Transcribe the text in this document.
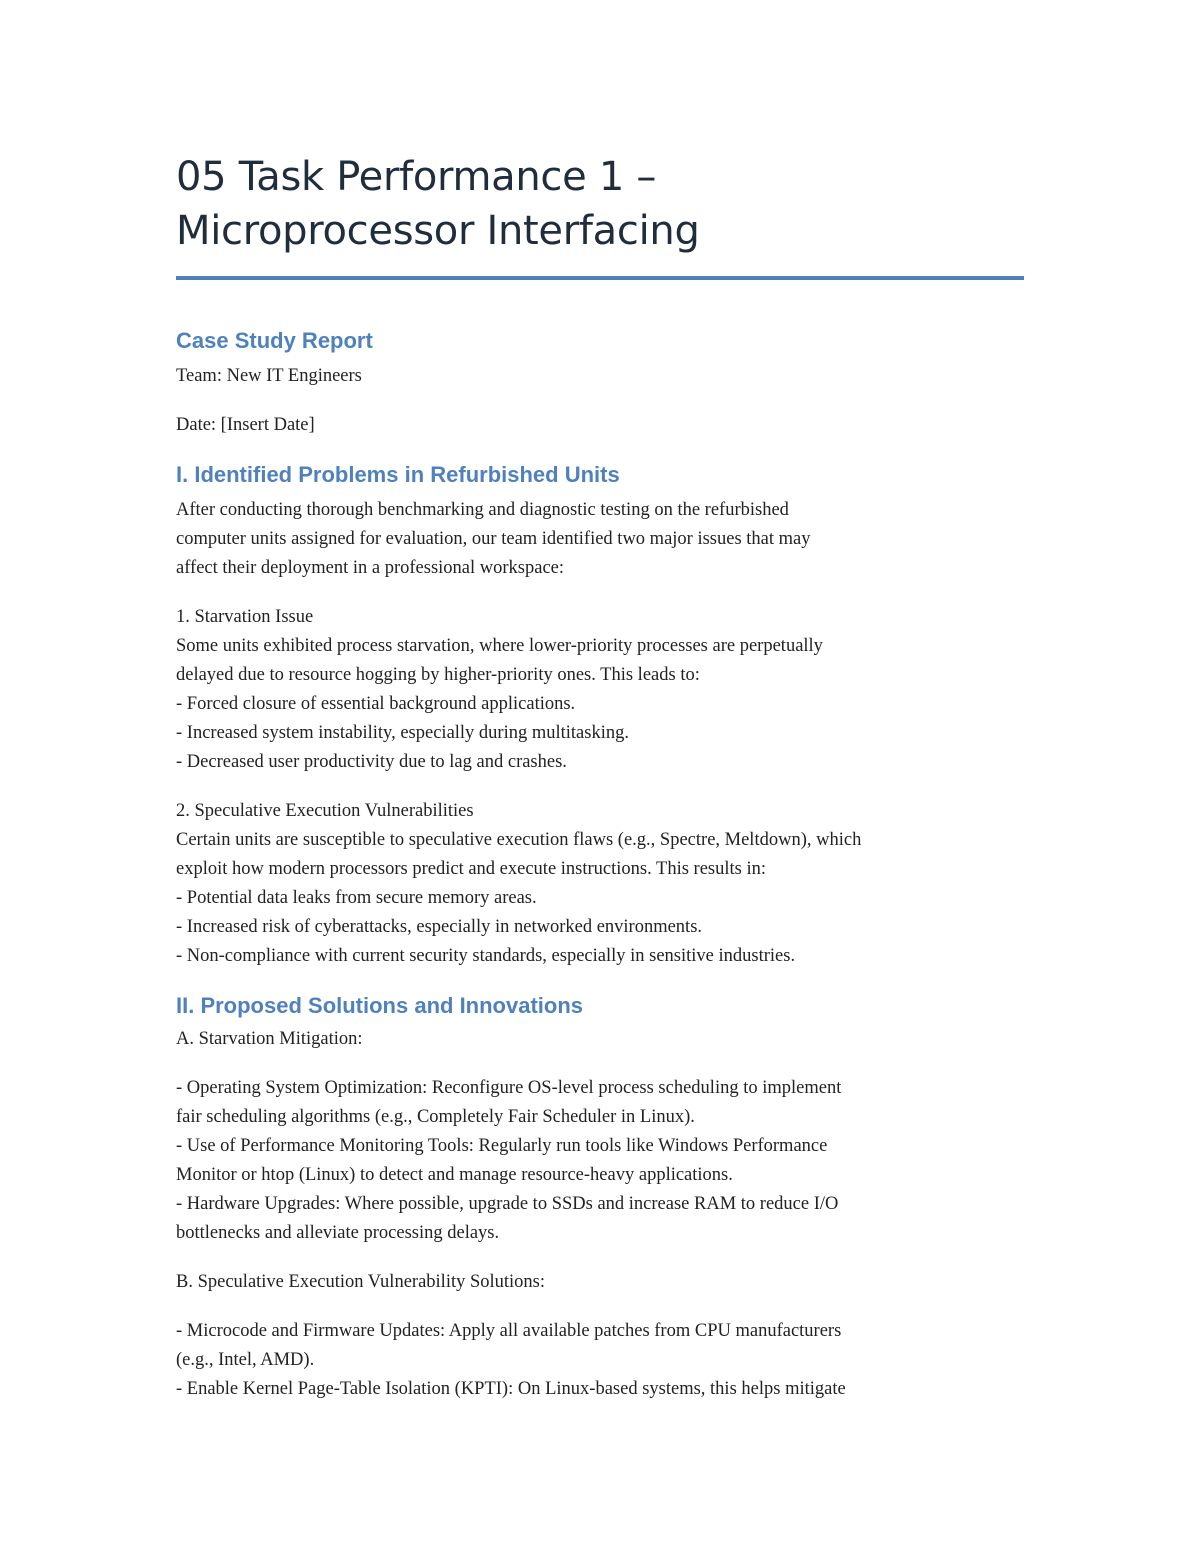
05 Task Performance 1 –
Microprocessor Interfacing
Case Study Report

Team: New IT Engineers

Date: [Insert Date]

I. Identified Problems in Refurbished Units

After conducting thorough benchmarking and diagnostic testing on the refurbished

computer units assigned for evaluation, our team identified two major issues that may

affect their deployment in a professional workspace:

1. Starvation Issue

Some units exhibited process starvation, where lower-priority processes are perpetually

delayed due to resource hogging by higher-priority ones. This leads to:

- Forced closure of essential background applications.

- Increased system instability, especially during multitasking.

- Decreased user productivity due to lag and crashes.

2. Speculative Execution Vulnerabilities

Certain units are susceptible to speculative execution flaws (e.g., Spectre, Meltdown), which

exploit how modern processors predict and execute instructions. This results in:

- Potential data leaks from secure memory areas.

- Increased risk of cyberattacks, especially in networked environments.

- Non-compliance with current security standards, especially in sensitive industries.

II. Proposed Solutions and Innovations

A. Starvation Mitigation:

- Operating System Optimization: Reconfigure OS-level process scheduling to implement

fair scheduling algorithms (e.g., Completely Fair Scheduler in Linux).

- Use of Performance Monitoring Tools: Regularly run tools like Windows Performance

Monitor or htop (Linux) to detect and manage resource-heavy applications.

- Hardware Upgrades: Where possible, upgrade to SSDs and increase RAM to reduce I/O

bottlenecks and alleviate processing delays.

B. Speculative Execution Vulnerability Solutions:

- Microcode and Firmware Updates: Apply all available patches from CPU manufacturers

(e.g., Intel, AMD).

- Enable Kernel Page-Table Isolation (KPTI): On Linux-based systems, this helps mitigate
